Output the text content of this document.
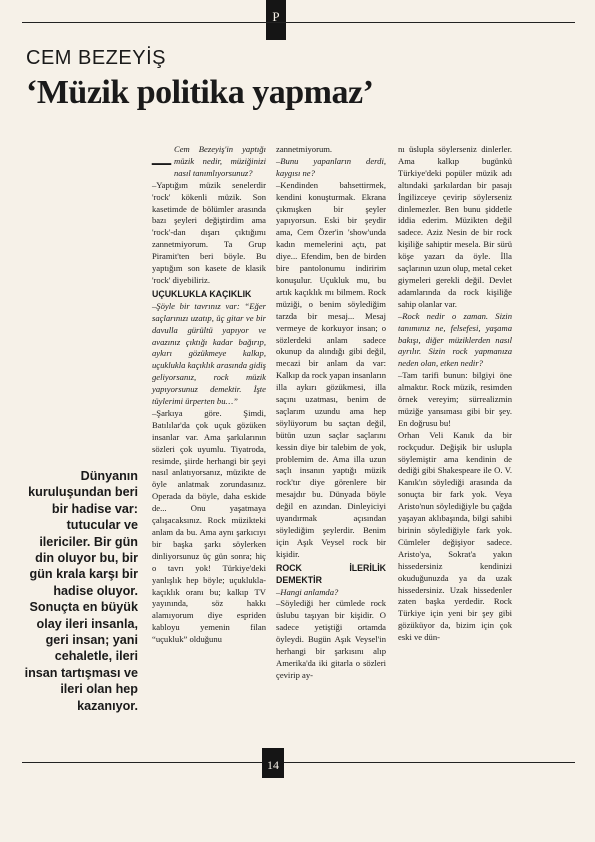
P
CEM BEZEYİŞ
‘Müzik politika yapmaz’
Dünyanın kuruluşundan beri bir hadise var: tutucular ve ilericiler. Bir gün din oluyor bu, bir gün krala karşı bir hadise oluyor. Sonuçta en büyük olay ileri insanla, geri insan; yani cehaletle, ileri insan tartışması ve ileri olan hep kazanıyor.
– Cem Bezeyiş'in yaptığı müzik nedir, müziğinizi nasıl tanımlıyorsunuz?

–Yaptığım müzik senelerdir 'rock' kökenli müzik. Son kasetimde de bölümler arasında bazı şeyleri değiştirdim ama 'rock'-dan dışarı çıktığımı zannetmiyorum. Ta Grup Piramit'ten beri böyle. Bu yaptığım son kasete de klasik 'rock' diyebiliriz.

UÇUKLUKLA KAÇIKLIK

–Şöyle bir tavrınız var: “Eğer saçlarınızı uzatıp, üç gitar ve bir davulla gürültü yapıyor ve avazınız çıktığı kadar bağırıp, aykırı gözükmeye kalkıp, uçuklukla kaçıklık arasında gidiş geliyorsanız, rock müzik yapıyorsunuz demektir. İşte tüylerimi ürperten bu…”

–Şarkıya göre. Şimdi, Batılılar'da çok uçuk gözüken insanlar var. Ama şarkılarının sözleri çok uyumlu. Tiyatroda, resimde, şiirde herhangi bir şeyi nasıl anlatıyorsanız, müzikte de öyle anlatmak zorundasınız. Operada da böyle, daha eskide de... Onu yaşatmaya çalışacaksınız. Rock müzikteki anlam da bu. Ama aynı şarkıcıyı bir başka şarkı söylerken dinliyorsunuz üç gün sonra; hiç o tavrı yok! Türkiye'deki yanlışlık hep böyle; uçuklukla-kaçıklık oranı bu; kalkıp TV yayınında, söz hakkı alamıyorum diye espriden kabloyu yemenin filan “uçukluk” olduğunu

zannetmiyorum.

–Bunu yapanların derdi, kaygısı ne?

–Kendinden bahsettirmek, kendini konuşturmak. Ekrana çıkmışken bir şeyler yapıyorsun. Eski bir şeydir ama, Cem Özer'in 'show'unda kadın memelerini açtı, pat diye... Efendim, ben de birden bire pantolonumu indiririm konuşulur. Uçukluk mu, bu artık kaçıklık mı bilmem. Rock müziği, o benim söylediğim tarzda bir mesaj... Mesaj vermeye de korkuyor insan; o sözlerdeki anlam sadece okunup da alındığı gibi değil, mecazi bir anlam da var: Kalkıp da rock yapan insanların illa aykırı gözükmesi, illa saçını uzatması, benim de saçlarım uzundu ama hep söylüyorum bu saçtan değil, bütün uzun saçlar saçlarını kessin diye bir talebim de yok, problemim de. Ama illa uzun saçlı insanın yaptığı müzik rock'tır diye görenlere bir mesajdır bu. Dünyada böyle değil en azından. Dinleyiciyi uyandırmak açısından söylediğim şeylerdir. Benim için Aşık Veysel rock bir kişidir.

ROCK İLERİLİK DEMEKTİR

–Hangi anlamda?

–Söylediği her cümlede rock üslubu taşıyan bir kişidir. O sadece yetiştiği ortamda öyleydi. Bugün Aşık Veysel'in herhangi bir şarkısını alıp Amerika'da iki gitarla o sözleri çevirip ay-

nı üslupla söylerseniz dinlerler. Ama kalkıp bugünkü Türkiye'deki popüler müzik adı altındaki şarkılardan bir pasajı İngilizceye çevirip söylerseniz dinlemezler. Ben bunu şiddetle iddia ederim. Müzikten değil sadece. Aziz Nesin de bir rock kişiliğe sahiptir mesela. Bir sürü köşe yazarı da öyle. İlla saçlarının uzun olup, metal ceket giymeleri gerekli değil. Devlet adamlarında da rock kişiliğe sahip olanlar var.

–Rock nedir o zaman. Sizin tanımınız ne, felsefesi, yaşama bakışı, diğer müziklerden nasıl ayrılır. Sizin rock yapmanıza neden olan, etken nedir?

–Tam tarifi bunun: bilgiyi öne almaktır. Rock müzik, resimden örnek vereyim; sürrealizmin müziğe yansıması gibi bir şey. En doğrusu bu!

Orhan Veli Kanık da bir rockçudur. Değişik bir uslupla söylemiştir ama kendinin de dediği gibi Shakespeare ile O. V. Kanık'ın söylediği arasında da sonuçta bir fark yok. Veya Aristo'nun söylediğiyle bu çağda yaşayan aklıbaşında, bilgi sahibi birinin söylediğiyle fark yok. Cümleler değişiyor sadece. Aristo'ya, Sokrat'a yakın hissedersiniz kendinizi okuduğunuzda ya da uzak hissedersiniz. Uzak hissedenler zaten başka yerdedir. Rock Türkiye için yeni bir şey gibi gözüküyor da, bizim için çok eski ve dün-

14
